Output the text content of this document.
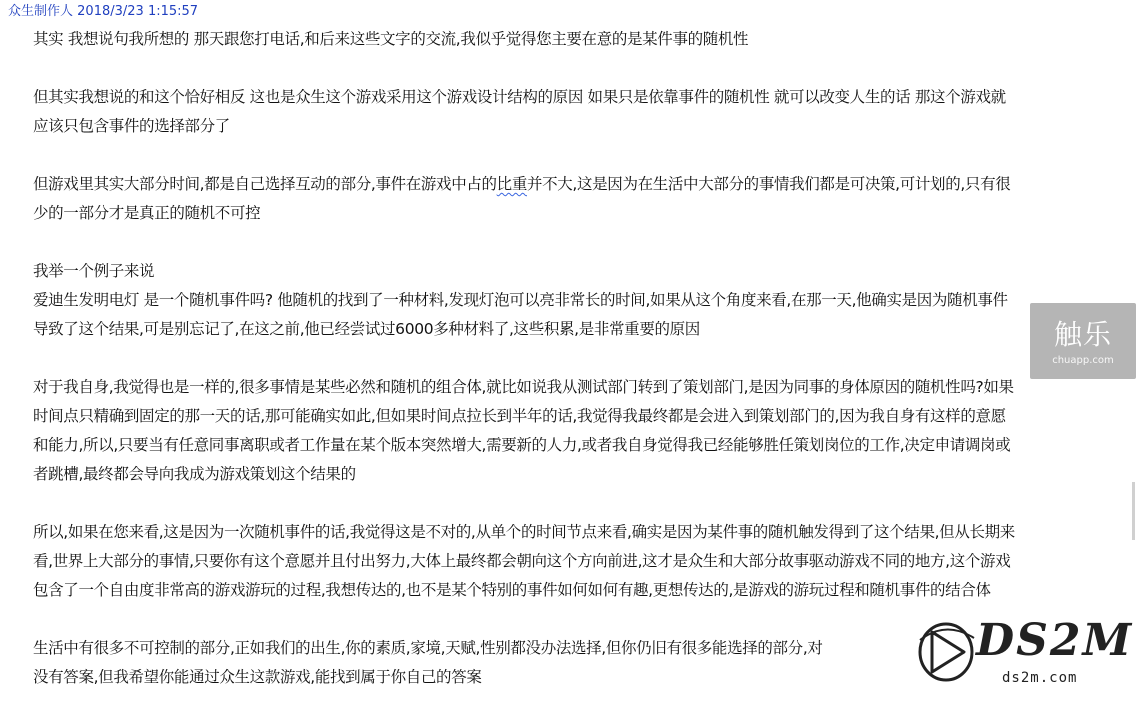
众生制作人 2018/3/23 1:15:57

其实 我想说句我所想的 那天跟您打电话,和后来这些文字的交流,我似乎觉得您主要在意的是某件事的随机性

但其实我想说的和这个恰好相反 这也是众生这个游戏采用这个游戏设计结构的原因 如果只是依靠事件的随机性 就可以改变人生的话 那这个游戏就
应该只包含事件的选择部分了

但游戏里其实大部分时间,都是自己选择互动的部分,事件在游戏中占的比重并不大,这是因为在生活中大部分的事情我们都是可决策,可计划的,只有很
少的一部分才是真正的随机不可控

我举一个例子来说

爱迪生发明电灯 是一个随机事件吗? 他随机的找到了一种材料,发现灯泡可以亮非常长的时间,如果从这个角度来看,在那一天,他确实是因为随机事件
导致了这个结果,可是别忘记了,在这之前,他已经尝试过6000多种材料了,这些积累,是非常重要的原因

对于我自身,我觉得也是一样的,很多事情是某些必然和随机的组合体,就比如说我从测试部门转到了策划部门,是因为同事的身体原因的随机性吗?如果
时间点只精确到固定的那一天的话,那可能确实如此,但如果时间点拉长到半年的话,我觉得我最终都是会进入到策划部门的,因为我自身有这样的意愿
和能力,所以,只要当有任意同事离职或者工作量在某个版本突然增大,需要新的人力,或者我自身觉得我已经能够胜任策划岗位的工作,决定申请调岗或
者跳槽,最终都会导向我成为游戏策划这个结果的

所以,如果在您来看,这是因为一次随机事件的话,我觉得这是不对的,从单个的时间节点来看,确实是因为某件事的随机触发得到了这个结果,但从长期来
看,世界上大部分的事情,只要你有这个意愿并且付出努力,大体上最终都会朝向这个方向前进,这才是众生和大部分故事驱动游戏不同的地方,这个游戏
包含了一个自由度非常高的游戏游玩的过程,我想传达的,也不是某个特别的事件如何如何有趣,更想传达的,是游戏的游玩过程和随机事件的结合体

生活中有很多不可控制的部分,正如我们的出生,你的素质,家境,天赋,性别都没办法选择,但你仍旧有很多能选择的部分,对
没有答案,但我希望你能通过众生这款游戏,能找到属于你自己的答案

触乐
chuapp.com
DS2M
ds2m.com
